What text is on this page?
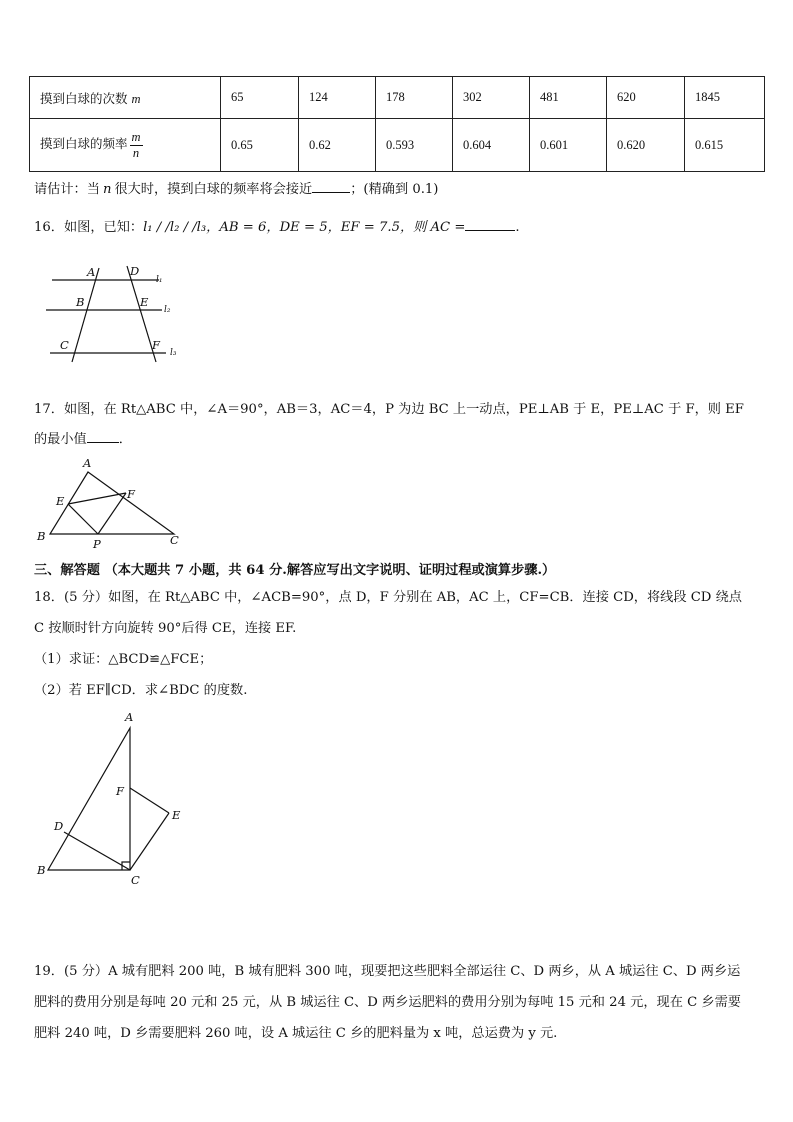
摸到白球的次数 m	65	124	178	302	481	620	1845
摸到白球的频率 $\frac{m}{n}$	0.65	0.62	0.593	0.604	0.601	0.620	0.615
请估计：当 n 很大时，摸到白球的频率将会接近	；(精确到 0.1)
16．如图，已知：l₁ / /l₂ / /l₃，AB = 6，DE = 5，EF = 7.5，则 AC =	.
A	D
B	E
C	F
l₁
l₂
l₃
17．如图，在 Rt△ABC 中，∠A＝90°，AB＝3，AC＝4，P 为边 BC 上一动点，PE⊥AB 于 E，PE⊥AC 于 F，则 EF
的最小值 ．
A
E	F
B
P	C
三、解答题 （本大题共 7 小题，共 64 分.解答应写出文字说明、证明过程或演算步骤.）
18．(5 分）如图，在 Rt△ABC 中，∠ACB=90°，点 D，F 分别在 AB，AC 上，CF=CB．连接 CD，将线段 CD 绕点
C 按顺时针方向旋转 90°后得 CE，连接 EF.
（1）求证：△BCD≌△FCE；
（2）若 EF∥CD．求∠BDC 的度数.
A
F
E
D
B
C
19．(5 分）A 城有肥料 200 吨，B 城有肥料 300 吨，现要把这些肥料全部运往 C、D 两乡，从 A 城运往 C、D 两乡运
肥料的费用分别是每吨 20 元和 25 元，从 B 城运往 C、D 两乡运肥料的费用分别为每吨 15 元和 24 元，现在 C 乡需要
肥料 240 吨，D 乡需要肥料 260 吨，设 A 城运往 C 乡的肥料量为 x 吨，总运费为 y 元.
